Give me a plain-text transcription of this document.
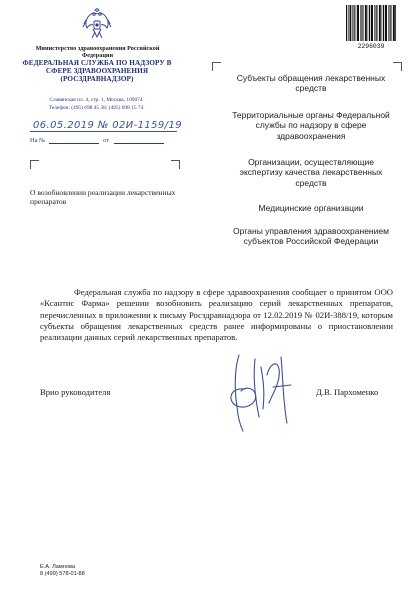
Министерство здравоохранения Российской Федерации
ФЕДЕРАЛЬНАЯ СЛУЖБА ПО НАДЗОРУ В СФЕРЕ ЗДРАВООХРАНЕНИЯ (РОСЗДРАВНАДЗОР)
Славянская пл. 4, стр. 1, Москва, 109074
Телефон: (495) 698 45 38; (495) 698 15 74
06.05.2019 № 02И-1159/19
На №	от
2296039
О возобновлении реализации лекарственных препаратов
Субъекты обращения лекарственных средств
Территориальные органы Федеральной службы по надзору в сфере здравоохранения
Организации, осуществляющие экспертизу качества лекарственных средств
Медицинские организации
Органы управления здравоохранением субъектов Российской Федерации
Федеральная служба по надзору в сфере здравоохранения сообщает о принятом ООО «Ксантис Фарма» решении возобновить реализацию серий лекарственных препаратов, перечисленных в приложении к письму Росздравнадзора от 12.02.2019 № 02И-388/19, которым субъекты обращения лекарственных средств ранее информированы о приостановлении реализации данных серий лекарственных препаратов.
Врио руководителя	Д.В. Пархоменко
Е.А. Ламнова
8 (499) 578-01-88
